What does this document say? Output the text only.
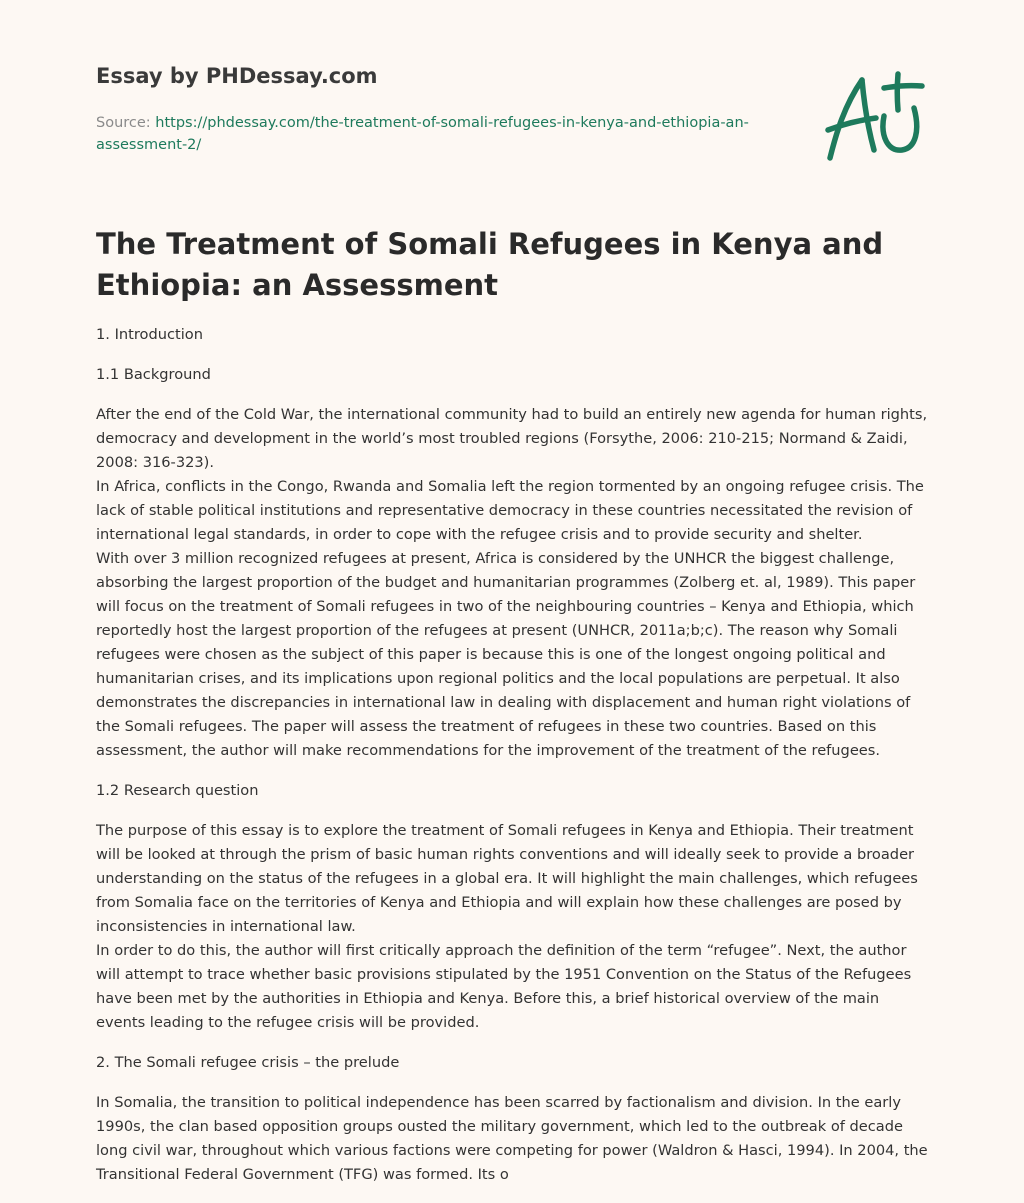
Essay by PHDessay.com
Source: https://phdessay.com/the-treatment-of-somali-refugees-in-kenya-and-ethiopia-an-assessment-2/
The Treatment of Somali Refugees in Kenya and Ethiopia: an Assessment

1. Introduction

1.1 Background

After the end of the Cold War, the international community had to build an entirely new agenda for human rights, democracy and development in the world’s most troubled regions (Forsythe, 2006: 210-215; Normand & Zaidi, 2008: 316-323).
In Africa, conflicts in the Congo, Rwanda and Somalia left the region tormented by an ongoing refugee crisis. The lack of stable political institutions and representative democracy in these countries necessitated the revision of international legal standards, in order to cope with the refugee crisis and to provide security and shelter.
With over 3 million recognized refugees at present, Africa is considered by the UNHCR the biggest challenge, absorbing the largest proportion of the budget and humanitarian programmes (Zolberg et. al, 1989). This paper will focus on the treatment of Somali refugees in two of the neighbouring countries – Kenya and Ethiopia, which reportedly host the largest proportion of the refugees at present (UNHCR, 2011a;b;c). The reason why Somali refugees were chosen as the subject of this paper is because this is one of the longest ongoing political and humanitarian crises, and its implications upon regional politics and the local populations are perpetual. It also demonstrates the discrepancies in international law in dealing with displacement and human right violations of the Somali refugees. The paper will assess the treatment of refugees in these two countries. Based on this assessment, the author will make recommendations for the improvement of the treatment of the refugees.

1.2 Research question

The purpose of this essay is to explore the treatment of Somali refugees in Kenya and Ethiopia. Their treatment will be looked at through the prism of basic human rights conventions and will ideally seek to provide a broader understanding on the status of the refugees in a global era. It will highlight the main challenges, which refugees from Somalia face on the territories of Kenya and Ethiopia and will explain how these challenges are posed by inconsistencies in international law.
In order to do this, the author will first critically approach the definition of the term “refugee”. Next, the author will attempt to trace whether basic provisions stipulated by the 1951 Convention on the Status of the Refugees have been met by the authorities in Ethiopia and Kenya. Before this, a brief historical overview of the main events leading to the refugee crisis will be provided.

2. The Somali refugee crisis – the prelude

In Somalia, the transition to political independence has been scarred by factionalism and division. In the early 1990s, the clan based opposition groups ousted the military government, which led to the outbreak of decade long civil war, throughout which various factions were competing for power (Waldron & Hasci, 1994). In 2004, the Transitional Federal Government (TFG) was formed. Its o
